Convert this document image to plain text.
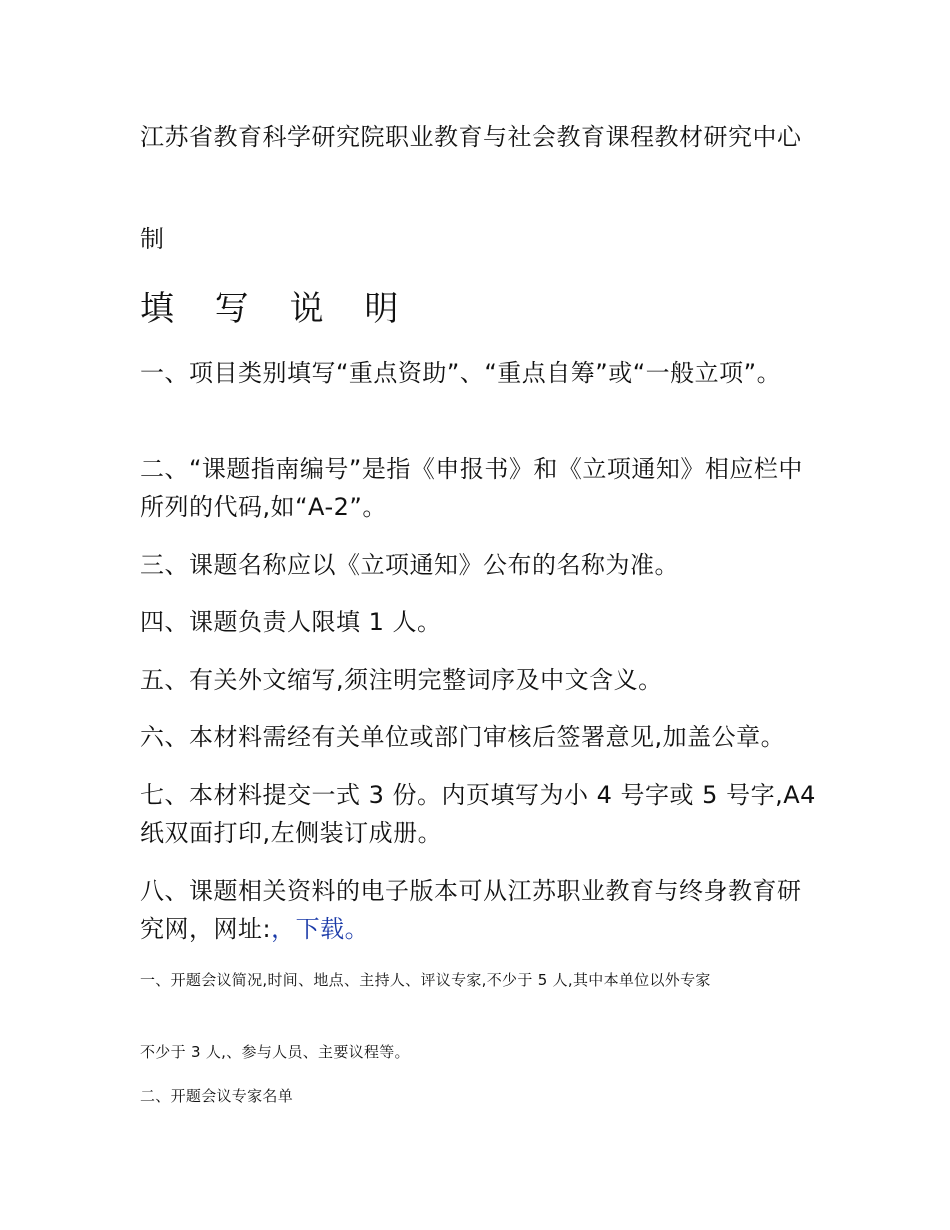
江苏省教育科学研究院职业教育与社会教育课程教材研究中心
制
填 写 说 明
一、项目类别填写“重点资助”、“重点自筹”或“一般立项”。
二、“课题指南编号”是指《申报书》和《立项通知》相应栏中所列的代码,如“A-2”。
三、课题名称应以《立项通知》公布的名称为准。
四、课题负责人限填 1 人。
五、有关外文缩写,须注明完整词序及中文含义。
六、本材料需经有关单位或部门审核后签署意见,加盖公章。
七、本材料提交一式 3 份。内页填写为小 4 号字或 5 号字,A4 纸双面打印,左侧装订成册。
八、课题相关资料的电子版本可从江苏职业教育与终身教育研究网，网址:，下载。
一、开题会议简况,时间、地点、主持人、评议专家,不少于 5 人,其中本单位以外专家
不少于 3 人,、参与人员、主要议程等。
二、开题会议专家名单
